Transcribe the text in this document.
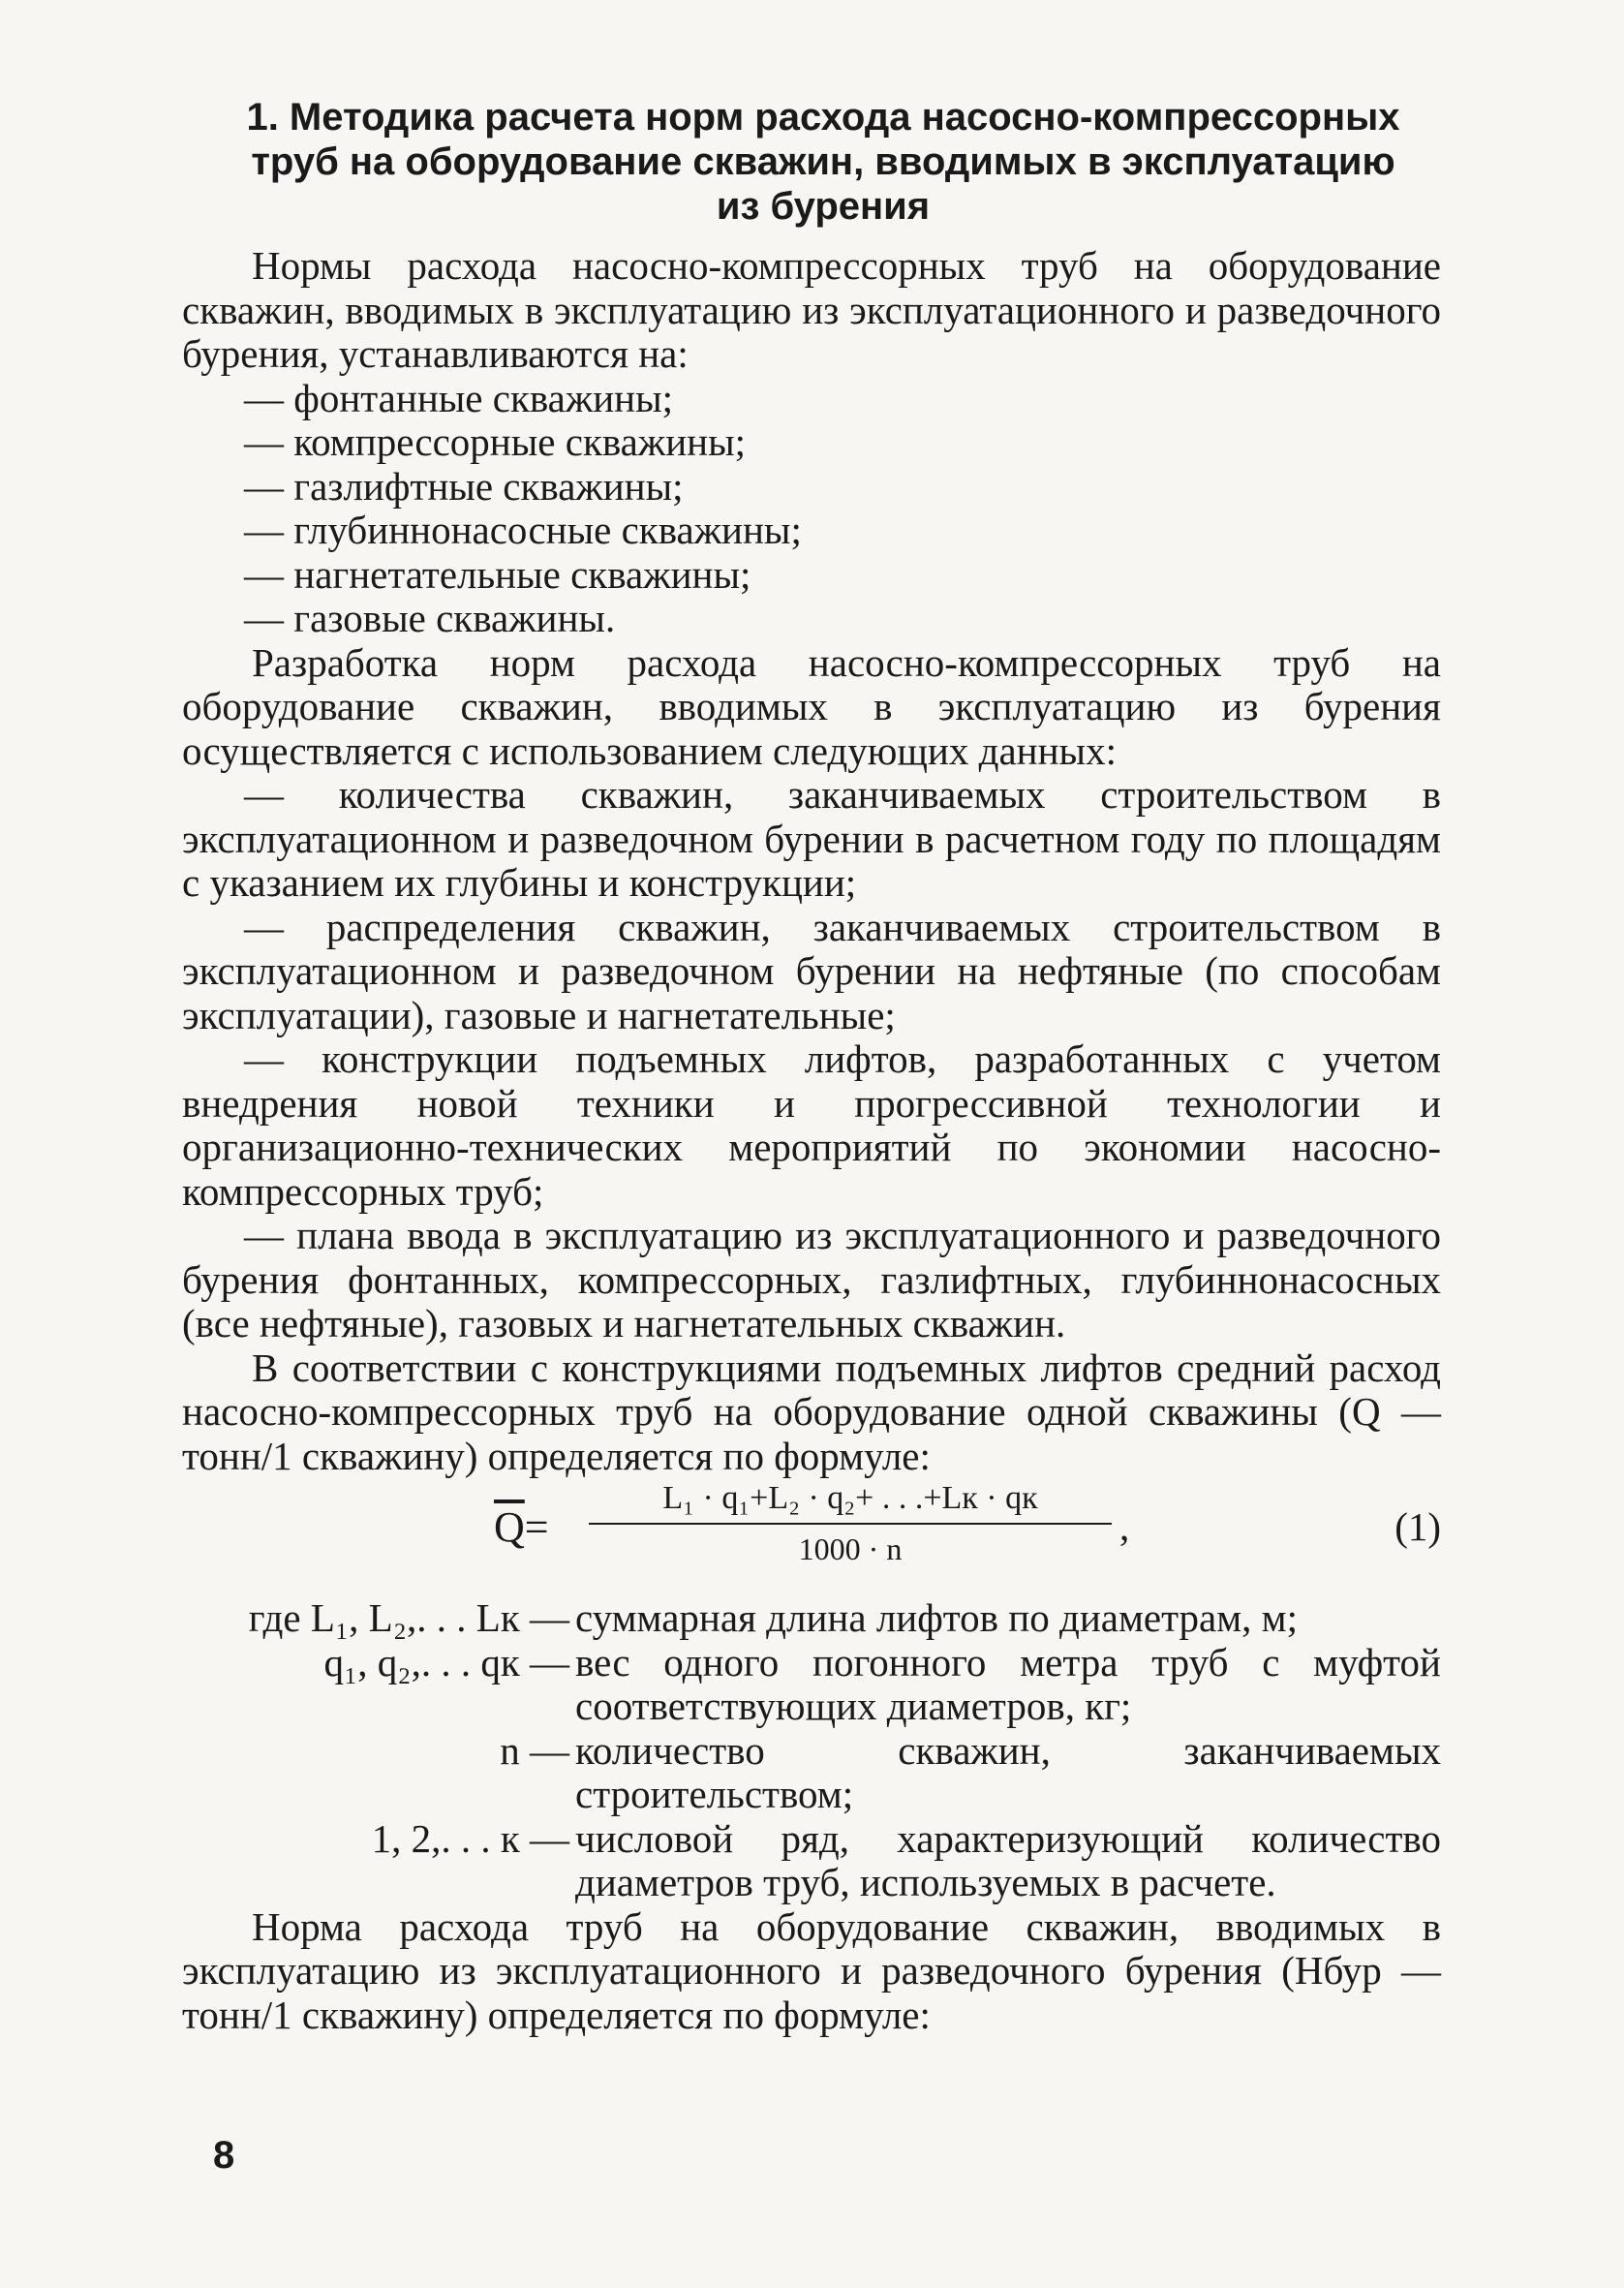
1. Методика расчета норм расхода насосно-компрессорных
труб на оборудование скважин, вводимых в эксплуатацию
из бурения

Нормы расхода насосно-компрессорных труб на оборудование скважин, вводимых в эксплуатацию из эксплуатационного и разведочного бурения, устанавливаются на:

— фонтанные скважины;

— компрессорные скважины;

— газлифтные скважины;

— глубиннонасосные скважины;

— нагнетательные скважины;

— газовые скважины.

Разработка норм расхода насосно-компрессорных труб на оборудование скважин, вводимых в эксплуатацию из бурения осуществляется с использованием следующих данных:

— количества скважин, заканчиваемых строительством в эксплуатационном и разведочном бурении в расчетном году по площадям с указанием их глубины и конструкции;

— распределения скважин, заканчиваемых строительством в эксплуатационном и разведочном бурении на нефтяные (по способам эксплуатации), газовые и нагнетательные;

— конструкции подъемных лифтов, разработанных с учетом внедрения новой техники и прогрессивной технологии и организационно-технических мероприятий по экономии насосно-компрессорных труб;

— плана ввода в эксплуатацию из эксплуатационного и разведочного бурения фонтанных, компрессорных, газлифтных, глубиннонасосных (все нефтяные), газовых и нагнетательных скважин.

В соответствии с конструкциями подъемных лифтов средний расход насосно-компрессорных труб на оборудование одной скважины (Q — тонн/1 скважину) определяется по формуле:

$\overline{Q}=$
L₁ · q₁+L₂ · q₂+ . . .+Lк · qк
1000 · n	,	(1)
где L₁, L₂,. . . Lк — суммарная длина лифтов по диаметрам, м;
q₁, q₂,. . . qк — вес одного погонного метра труб с муфтой соответствующих диаметров, кг;
n — количество скважин, заканчиваемых строительством;
1, 2,. . . к — числовой ряд, характеризующий количество диаметров труб, используемых в расчете.

Норма расхода труб на оборудование скважин, вводимых в эксплуатацию из эксплуатационного и разведочного бурения (Hбур — тонн/1 скважину) определяется по формуле:

8
